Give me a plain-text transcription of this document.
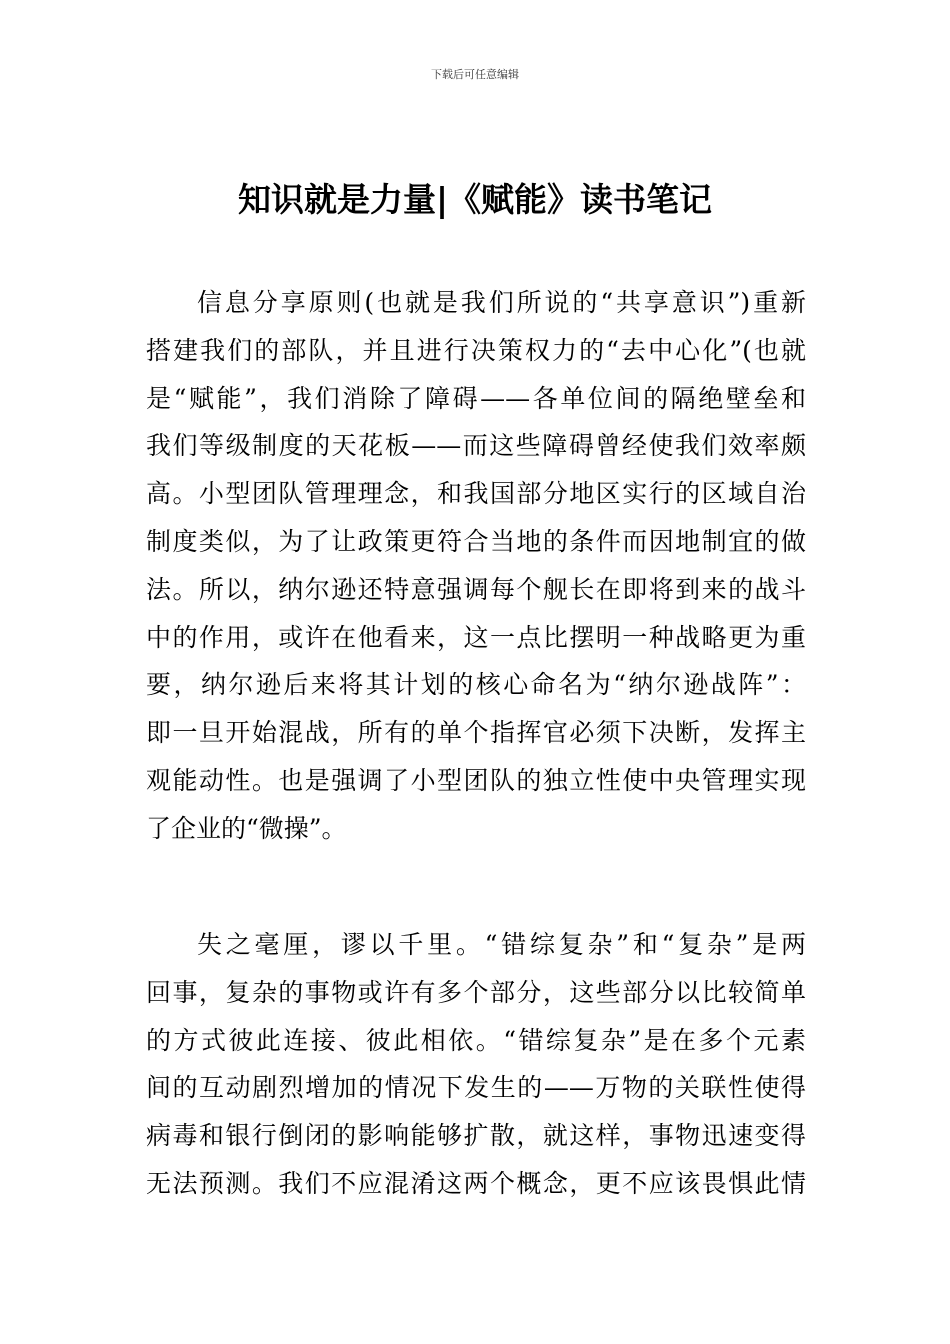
下载后可任意编辑
知识就是力量|《赋能》读书笔记
信息分享原则(也就是我们所说的“共享意识”)重新
搭建我们的部队，并且进行决策权力的“去中心化”(也就
是“赋能”，我们消除了障碍——各单位间的隔绝壁垒和
我们等级制度的天花板——而这些障碍曾经使我们效率颇
高。小型团队管理理念，和我国部分地区实行的区域自治
制度类似，为了让政策更符合当地的条件而因地制宜的做
法。所以，纳尔逊还特意强调每个舰长在即将到来的战斗
中的作用，或许在他看来，这一点比摆明一种战略更为重
要，纳尔逊后来将其计划的核心命名为“纳尔逊战阵”：
即一旦开始混战，所有的单个指挥官必须下决断，发挥主
观能动性。也是强调了小型团队的独立性使中央管理实现
了企业的“微操”。
失之毫厘，谬以千里。“错综复杂”和“复杂”是两
回事，复杂的事物或许有多个部分，这些部分以比较简单
的方式彼此连接、彼此相依。“错综复杂”是在多个元素
间的互动剧烈增加的情况下发生的——万物的关联性使得
病毒和银行倒闭的影响能够扩散，就这样，事物迅速变得
无法预测。我们不应混淆这两个概念，更不应该畏惧此情
